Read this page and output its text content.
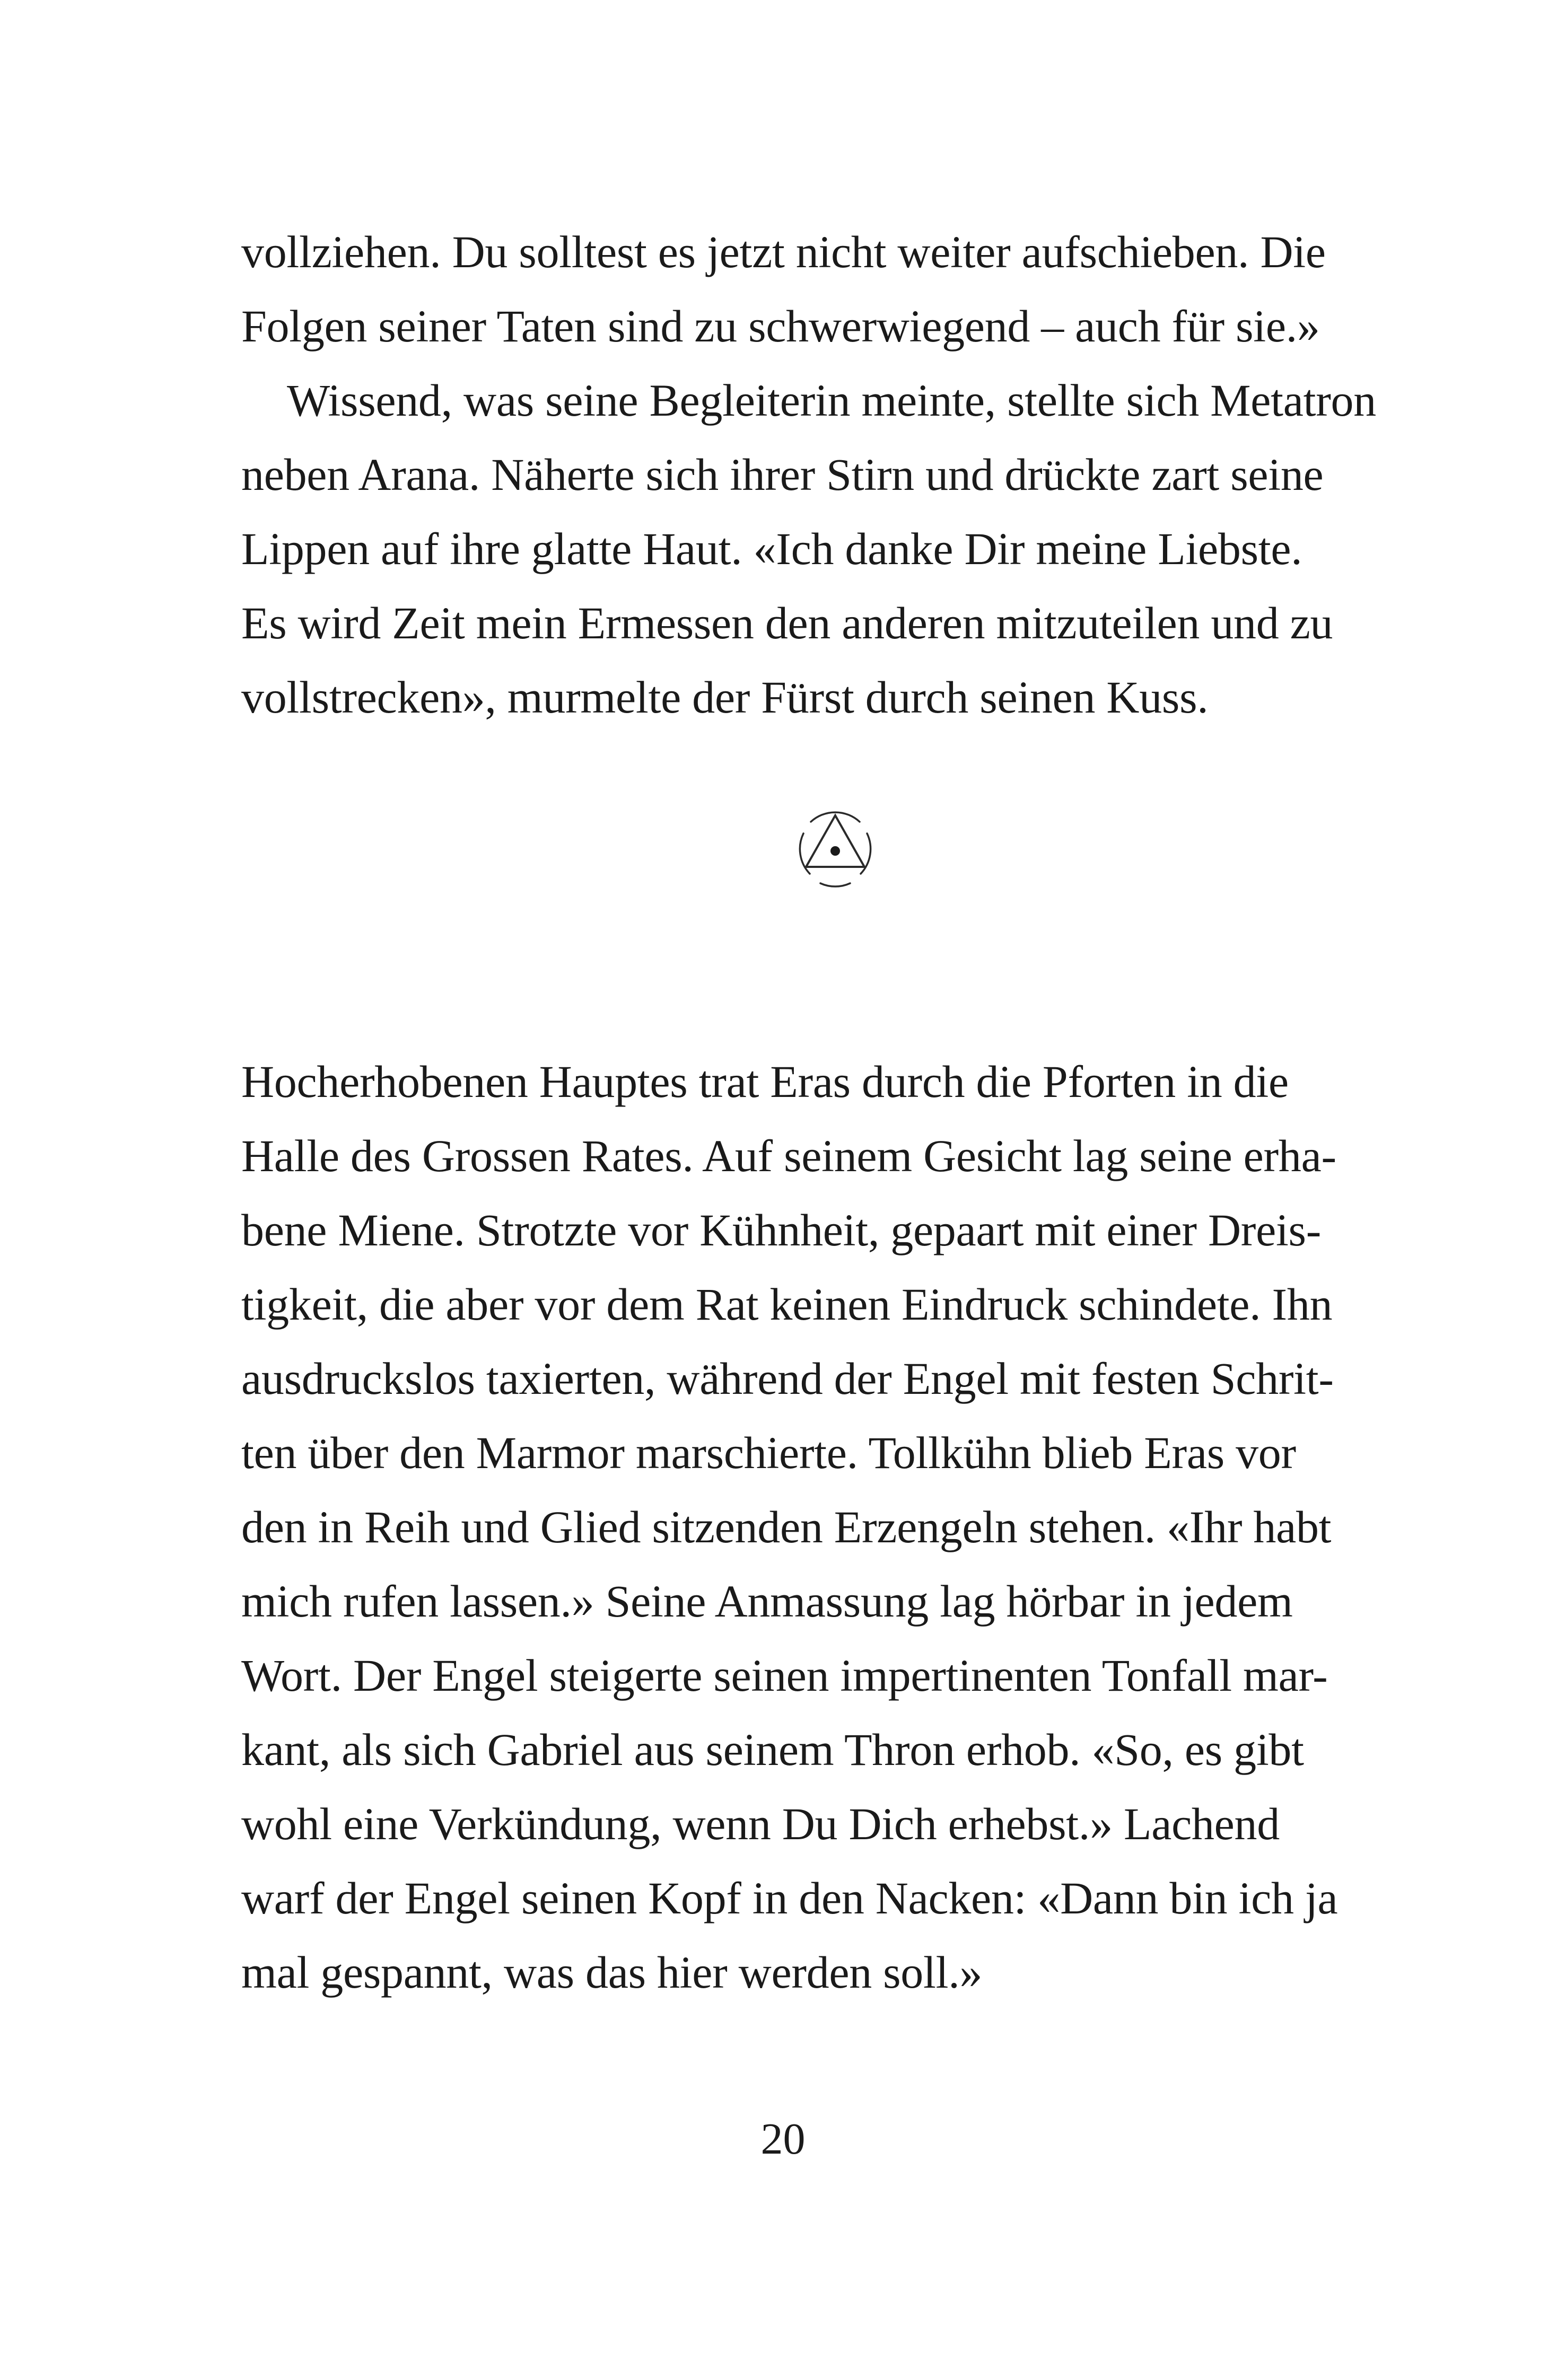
vollziehen. Du solltest es jetzt nicht weiter aufschieben. Die
Folgen seiner Taten sind zu schwerwiegend – auch für sie.»
Wissend, was seine Begleiterin meinte, stellte sich Metatron
neben Arana. Näherte sich ihrer Stirn und drückte zart seine
Lippen auf ihre glatte Haut. «Ich danke Dir meine Liebste.
Es wird Zeit mein Ermessen den anderen mitzuteilen und zu
vollstrecken», murmelte der Fürst durch seinen Kuss.
Hocherhobenen Hauptes trat Eras durch die Pforten in die
Halle des Grossen Rates. Auf seinem Gesicht lag seine erha-
bene Miene. Strotzte vor Kühnheit, gepaart mit einer Dreis-
tigkeit, die aber vor dem Rat keinen Eindruck schindete. Ihn
ausdruckslos taxierten, während der Engel mit festen Schrit-
ten über den Marmor marschierte. Tollkühn blieb Eras vor
den in Reih und Glied sitzenden Erzengeln stehen. «Ihr habt
mich rufen lassen.» Seine Anmassung lag hörbar in jedem
Wort. Der Engel steigerte seinen impertinenten Tonfall mar-
kant, als sich Gabriel aus seinem Thron erhob. «So, es gibt
wohl eine Verkündung, wenn Du Dich erhebst.» Lachend
warf der Engel seinen Kopf in den Nacken: «Dann bin ich ja
mal gespannt, was das hier werden soll.»
20
